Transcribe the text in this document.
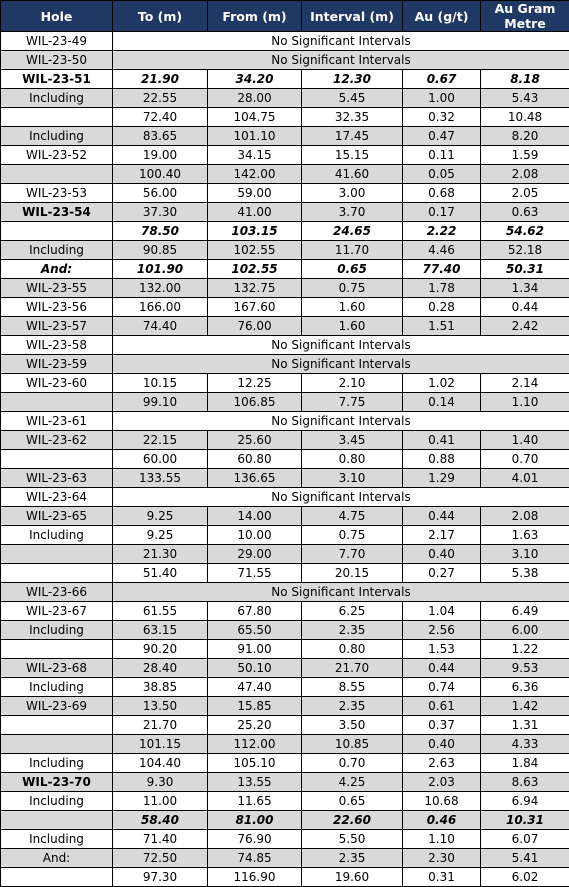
Hole	To (m)	From (m)	Interval (m)	Au (g/t)	Au Gram Metre
WIL-23-49	No Significant Intervals				
WIL-23-50	No Significant Intervals				
WIL-23-51	21.90	34.20	12.30	0.67	8.18
Including	22.55	28.00	5.45	1.00	5.43
	72.40	104.75	32.35	0.32	10.48
Including	83.65	101.10	17.45	0.47	8.20
WIL-23-52	19.00	34.15	15.15	0.11	1.59
	100.40	142.00	41.60	0.05	2.08
WIL-23-53	56.00	59.00	3.00	0.68	2.05
WIL-23-54	37.30	41.00	3.70	0.17	0.63
	78.50	103.15	24.65	2.22	54.62
Including	90.85	102.55	11.70	4.46	52.18
And:	101.90	102.55	0.65	77.40	50.31
WIL-23-55	132.00	132.75	0.75	1.78	1.34
WIL-23-56	166.00	167.60	1.60	0.28	0.44
WIL-23-57	74.40	76.00	1.60	1.51	2.42
WIL-23-58	No Significant Intervals				
WIL-23-59	No Significant Intervals				
WIL-23-60	10.15	12.25	2.10	1.02	2.14
	99.10	106.85	7.75	0.14	1.10
WIL-23-61	No Significant Intervals				
WIL-23-62	22.15	25.60	3.45	0.41	1.40
	60.00	60.80	0.80	0.88	0.70
WIL-23-63	133.55	136.65	3.10	1.29	4.01
WIL-23-64	No Significant Intervals				
WIL-23-65	9.25	14.00	4.75	0.44	2.08
Including	9.25	10.00	0.75	2.17	1.63
	21.30	29.00	7.70	0.40	3.10
	51.40	71.55	20.15	0.27	5.38
WIL-23-66	No Significant Intervals				
WIL-23-67	61.55	67.80	6.25	1.04	6.49
Including	63.15	65.50	2.35	2.56	6.00
	90.20	91.00	0.80	1.53	1.22
WIL-23-68	28.40	50.10	21.70	0.44	9.53
Including	38.85	47.40	8.55	0.74	6.36
WIL-23-69	13.50	15.85	2.35	0.61	1.42
	21.70	25.20	3.50	0.37	1.31
	101.15	112.00	10.85	0.40	4.33
Including	104.40	105.10	0.70	2.63	1.84
WIL-23-70	9.30	13.55	4.25	2.03	8.63
Including	11.00	11.65	0.65	10.68	6.94
	58.40	81.00	22.60	0.46	10.31
Including	71.40	76.90	5.50	1.10	6.07
And:	72.50	74.85	2.35	2.30	5.41
	97.30	116.90	19.60	0.31	6.02
